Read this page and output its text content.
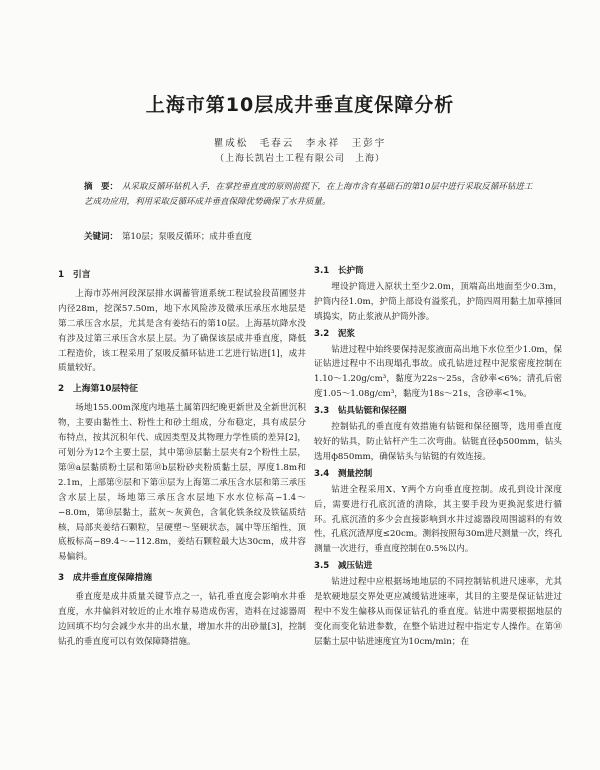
上海市第10层成井垂直度保障分析
瞿成松　毛春云　李永祥　王彭宇
（上海长凯岩土工程有限公司　上海）
摘　要： 从采取反循环钻机入手，在掌控垂直度的原则前提下，在上海市含有基础石的第10层中进行采取反循环钻进工艺成功应用，利用采取反循环成井垂直保障优势确保了水井质量。
关键词： 第10层；泵吸反循环；成井垂直度
1　引言
上海市苏州河段深层排水调蓄管道系统工程试验段苗圃竖井内径28m，挖深57.50m，地下水风险涉及微承压承压水地层是第二承压含水层，尤其是含有姜结石的第10层。上海基坑降水没有涉及过第三承压含水层上层。为了确保该层成井垂直度，降低工程造价，该工程采用了泵吸反循环钻进工艺进行钻进[1]，成井质量较好。
2　上海第10层特征
场地155.00m深度内地基土属第四纪晚更新世及全新世沉积物，主要由黏性土、粉性土和砂土组成，分布稳定，具有成层分布特点，按其沉积年代、成因类型及其物理力学性质的差异[2]，可划分为12个主要土层，其中第⑩层黏土层夹有2个粉性土层，第⑩a层黏质粉土层和第⑩b层粉砂夹粉质黏土层，厚度1.8m和2.1m，上部第⑨层和下第⑪层为上海第二承压含水层和第三承压含水层上层，场地第三承压含水层地下水水位标高−1.4～−8.0m，第⑩层黏土，蓝灰～灰黄色，含氧化铁条纹及铁锰质结核，局部夹姜结石颗粒，呈硬塑～坚硬状态，属中等压缩性，顶底板标高−89.4～−112.8m，姜结石颗粒最大达30cm，成井容易偏斜。
3　成井垂直度保障措施
垂直度是成井质量关键节点之一，钻孔垂直度会影响水井垂直度，水井偏斜对较近的止水堆存易造成伤害，造料在过滤器周边回填不均匀会减少水井的出水量，增加水井的出砂量[3]，控制钻孔的垂直度可以有效保障降措施。
3.1　长护筒
埋设护筒进入原状土至少2.0m，顶端高出地面至少0.3m，护筒内径1.0m，护筒上部设有溢浆孔，护筒四周用黏土加草捶回填捣实，防止浆液从护筒外渗。
3.2　泥浆
钻进过程中始终要保持泥浆液面高出地下水位至少1.0m，保证钻进过程中不出现塌孔事故。成孔钻进过程中泥浆密度控制在1.10～1.20g/cm³，黏度为22s～25s，含砂率<6%；清孔后密度1.05～1.08g/cm³，黏度为18s～21s，含砂率<1%。
3.3　钻具钻铤和保径圈
控制钻孔的垂直度有效措施有钻铤和保径圈等，选用垂直度较好的钻具，防止钻杆产生二次弯曲。钻铤直径ф500mm，钻头选用ф850mm，确保钻头与钻铤的有效连接。
3.4　测量控制
钻进全程采用X、Y两个方向垂直度控制。成孔到设计深度后，需要进行孔底沉渣的清除，其主要手段为更换泥浆进行循环。孔底沉渣的多少会直接影响到水井过滤器段周围滤料的有效性，孔底沉渣厚度≤20cm。测斜按照每30m进尺测量一次，终孔测量一次进行，垂直度控制在0.5%以内。
3.5　减压钻进
钻进过程中应根据场地地层的不同控制钻机进尺速率，尤其是软硬地层交界处更应减缓钻进速率，其目的主要是保证钻进过程中不发生偏移从而保证钻孔的垂直度。钻进中需要根据地层的变化而变化钻进参数，在整个钻进过程中指定专人操作。在第⑩层黏土层中钻进速度宜为10cm/min；在
